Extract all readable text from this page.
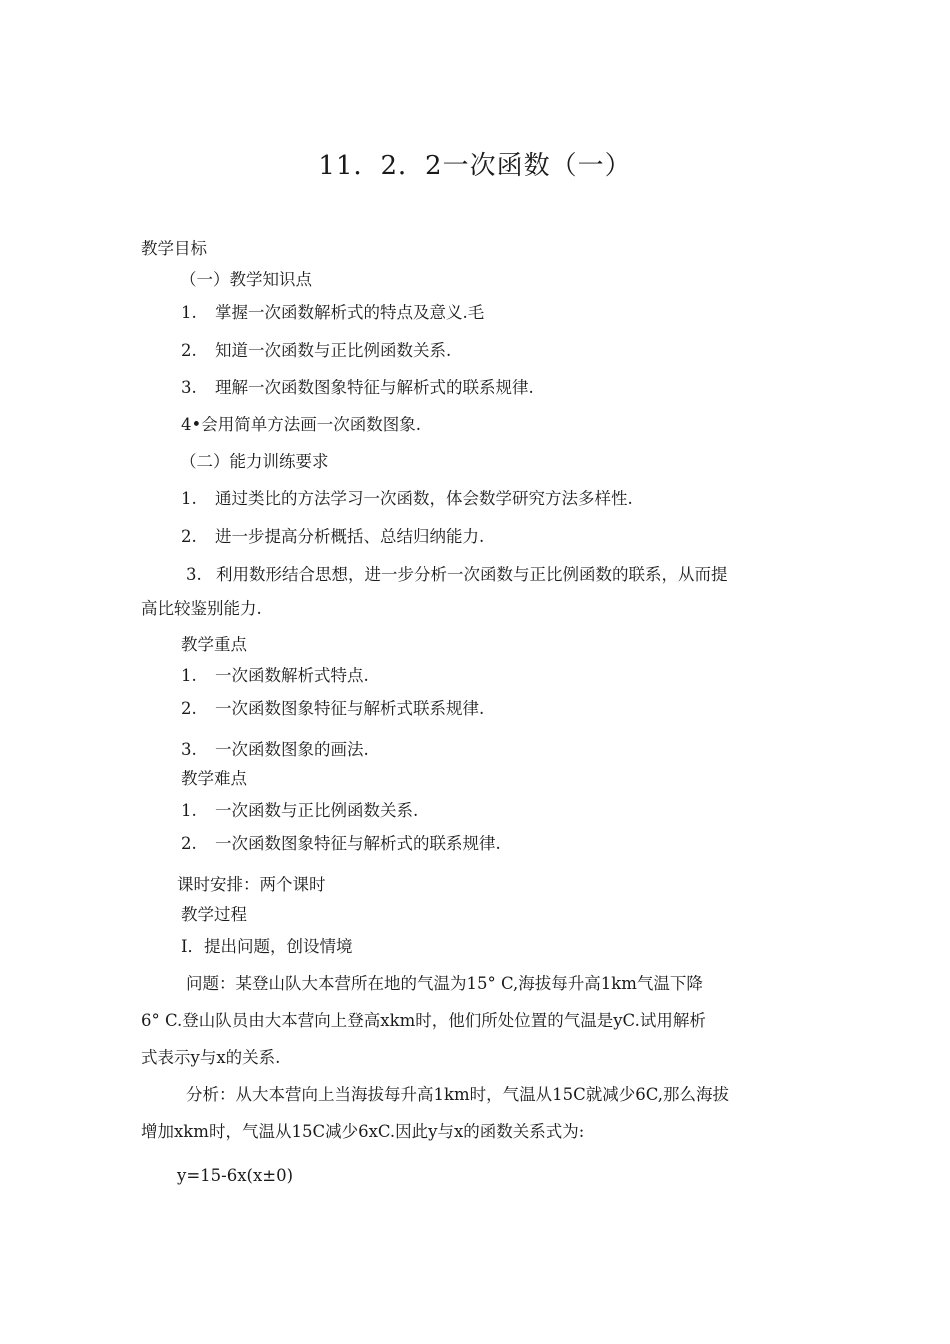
11．2．2一次函数（一）
教学目标
（一）教学知识点
1. 掌握一次函数解析式的特点及意义.毛
2. 知道一次函数与正比例函数关系.
3. 理解一次函数图象特征与解析式的联系规律.
4•会用简单方法画一次函数图象.
（二）能力训练要求
1. 通过类比的方法学习一次函数，体会数学研究方法多样性.
2. 进一步提高分析概括、总结归纳能力.
3. 利用数形结合思想，进一步分析一次函数与正比例函数的联系，从而提
高比较鉴别能力.
教学重点
1. 一次函数解析式特点.
2. 一次函数图象特征与解析式联系规律.
3. 一次函数图象的画法.
教学难点
1. 一次函数与正比例函数关系.
2. 一次函数图象特征与解析式的联系规律.
课时安排：两个课时
教学过程
I．提出问题，创设情境
问题：某登山队大本营所在地的气温为15° C,海拔每升高1km气温下降
6° C.登山队员由大本营向上登高xkm时，他们所处位置的气温是yC.试用解析
式表示y与x的关系.
分析：从大本营向上当海拔每升高1km时，气温从15C就减少6C,那么海拔
增加xkm时，气温从15C减少6xC.因此y与x的函数关系式为:
y=15-6x(x±0)
